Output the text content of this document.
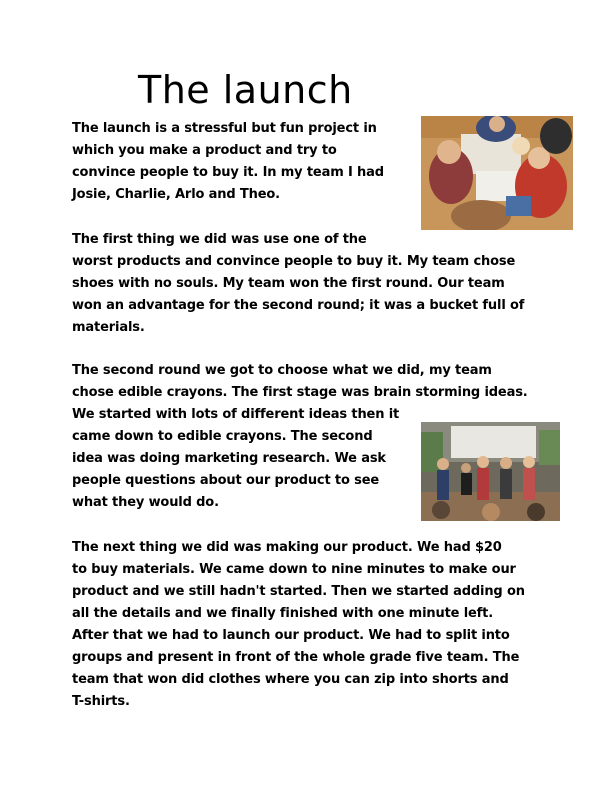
The launch
The launch is a stressful but fun project in
which you make a product and try to
convince people to buy it. In my team I had
Josie, Charlie, Arlo and Theo.
The first thing we did was use one of the
worst products and convince people to buy it. My team chose
shoes with no souls. My team won the first round. Our team
won an advantage for the second round; it was a bucket full of
materials.
The second round we got to choose what we did, my team
chose edible crayons. The first stage was brain storming ideas.
We started with lots of different ideas then it
came down to edible crayons. The second
idea was doing marketing research. We ask
people questions about our product to see
what they would do.
The next thing we did was making our product. We had $20
to buy materials. We came down to nine minutes to make our
product and we still hadn't started. Then we started adding on
all the details and we finally finished with one minute left.
After that we had to launch our product. We had to split into
groups and present in front of the whole grade five team. The
team that won did clothes where you can zip into shorts and
T-shirts.
